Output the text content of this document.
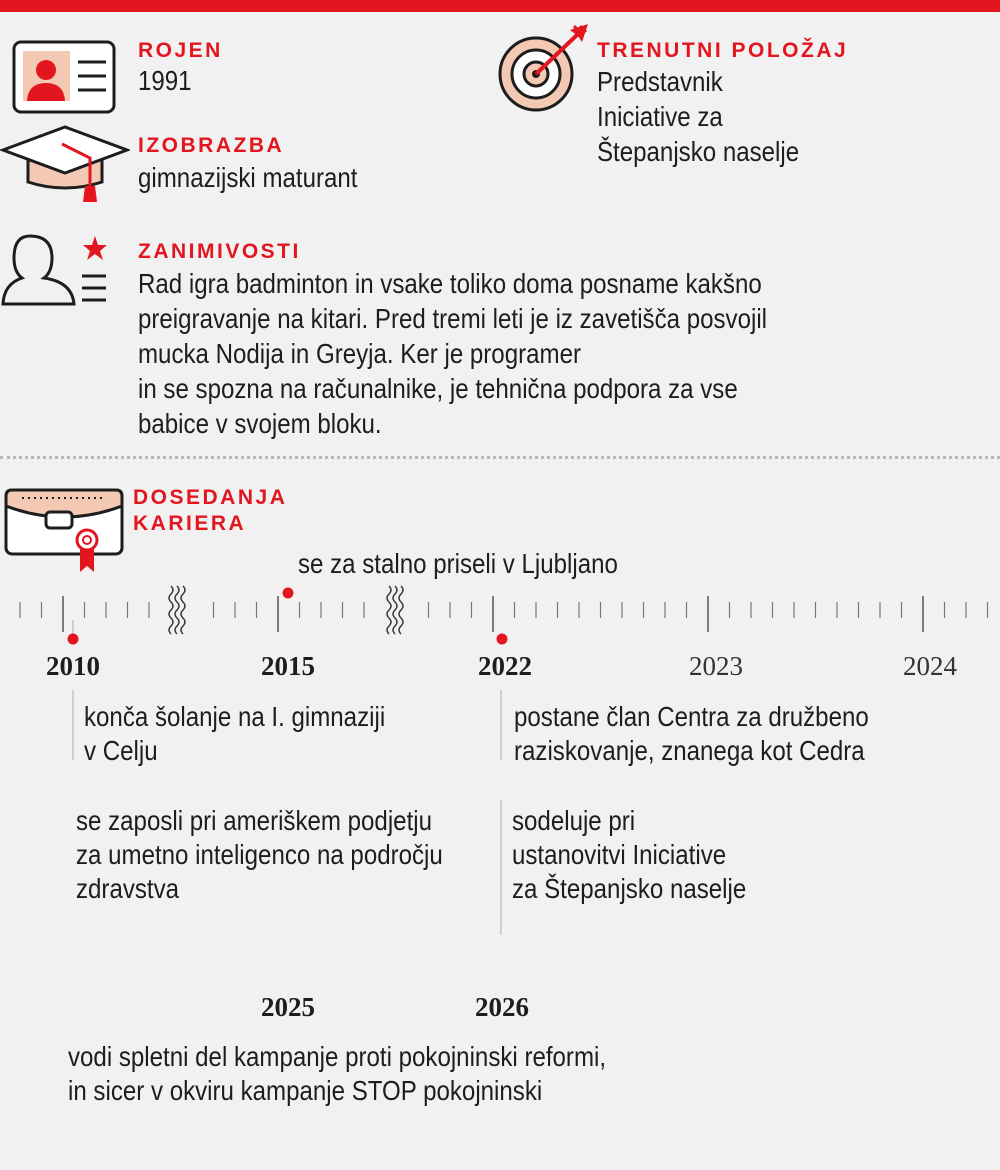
ROJEN
1991
IZOBRAZBA
gimnazijski maturant
TRENUTNI POLOŽAJ
Predstavnik
Iniciative za
Štepanjsko naselje
ZANIMIVOSTI
Rad igra badminton in vsake toliko doma posname kakšno
preigravanje na kitari. Pred tremi leti je iz zavetišča posvojil
mucka Nodija in Greyja. Ker je programer
in se spozna na računalnike, je tehnična podpora za vse
babice v svojem bloku.
DOSEDANJA
KARIERA
se za stalno priseli v Ljubljano
2010	2015	2022	2023	2024
konča šolanje na I. gimnaziji
v Celju
postane član Centra za družbeno
raziskovanje, znanega kot Cedra
se zaposli pri ameriškem podjetju
za umetno inteligenco na področju
zdravstva
sodeluje pri
ustanovitvi Iniciative
za Štepanjsko naselje
2025	2026
vodi spletni del kampanje proti pokojninski reformi,
in sicer v okviru kampanje STOP pokojninski
